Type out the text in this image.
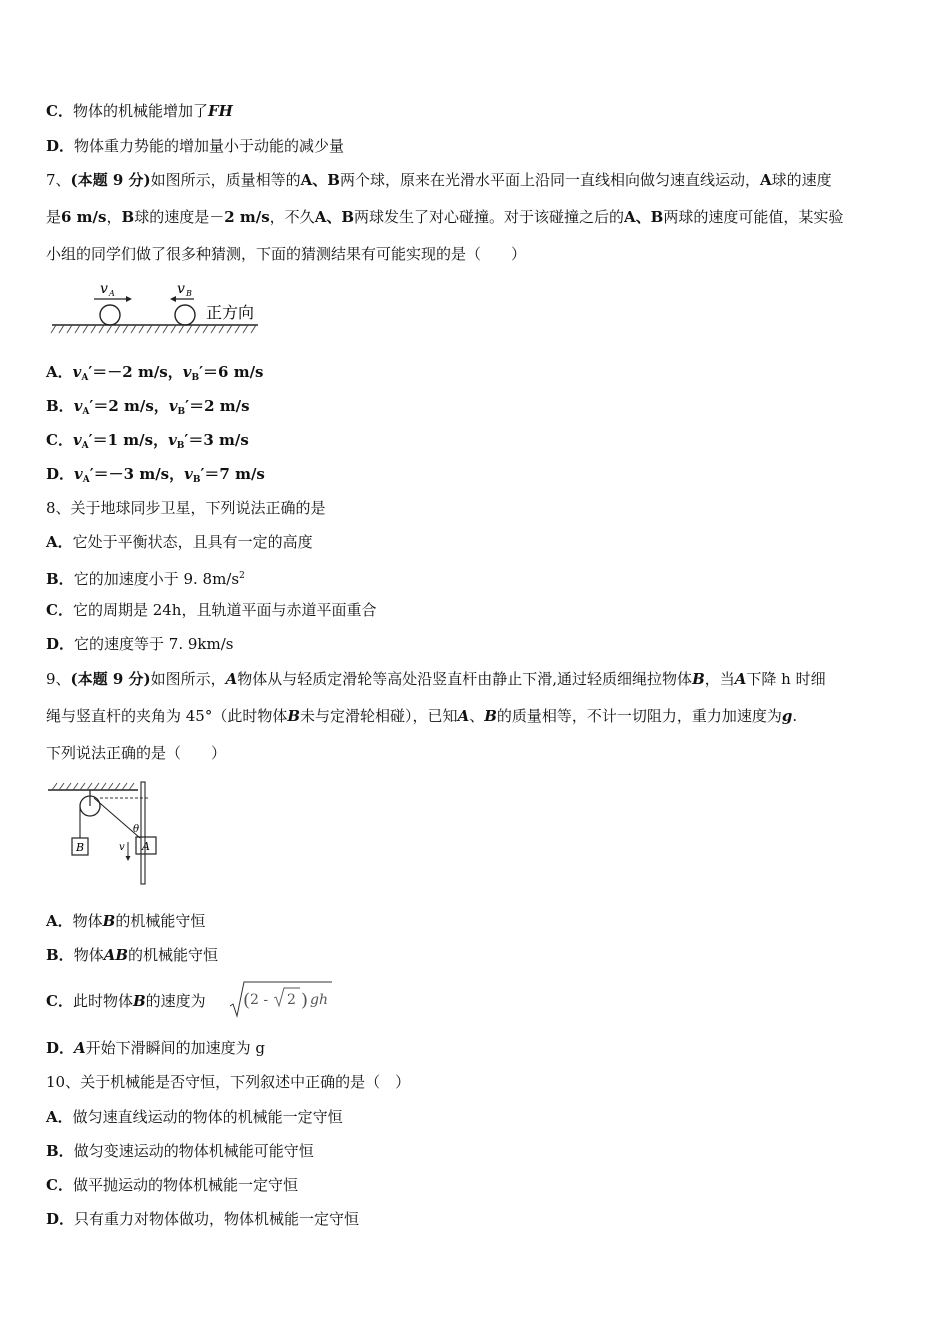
C．物体的机械能增加了FH
D．物体重力势能的增加量小于动能的减少量
7、(本题 9 分)如图所示，质量相等的A、B两个球，原来在光滑水平面上沿同一直线相向做匀速直线运动，A球的速度
是6 m/s，B球的速度是－2 m/s，不久A、B两球发生了对心碰撞。对于该碰撞之后的A、B两球的速度可能值，某实验
小组的同学们做了很多种猜测，下面的猜测结果有可能实现的是（　　）
v A	v B
正方向
A．$v_A'=-2$ m/s，$v_B'=6$ m/s
B．$v_A'=2$ m/s，$v_B'=2$ m/s
C．$v_A'=1$ m/s，$v_B'=3$ m/s
D．$v_A'=-3$ m/s，$v_B'=7$ m/s
8、关于地球同步卫星，下列说法正确的是
A．它处于平衡状态，且具有一定的高度
B．它的加速度小于 9. $8m/s^2$
C．它的周期是 24h，且轨道平面与赤道平面重合
D．它的速度等于 7. 9km/s
9、(本题 9 分)如图所示，A物体从与轻质定滑轮等高处沿竖直杆由静止下滑,通过轻质细绳拉物体B，当A下降 h 时细
绳与竖直杆的夹角为 45°（此时物体B未与定滑轮相碰），已知A、B的质量相等，不计一切阻力，重力加速度为g.
下列说法正确的是（　　）
B	A
θ
v
A．物体B的机械能守恒
B．物体AB的机械能守恒
C．此时物体B的速度为 ( 2 - 2 ) gh
D．A开始下滑瞬间的加速度为 g
10、关于机械能是否守恒，下列叙述中正确的是（　）
A．做匀速直线运动的物体的机械能一定守恒
B．做匀变速运动的物体机械能可能守恒
C．做平抛运动的物体机械能一定守恒
D．只有重力对物体做功，物体机械能一定守恒
